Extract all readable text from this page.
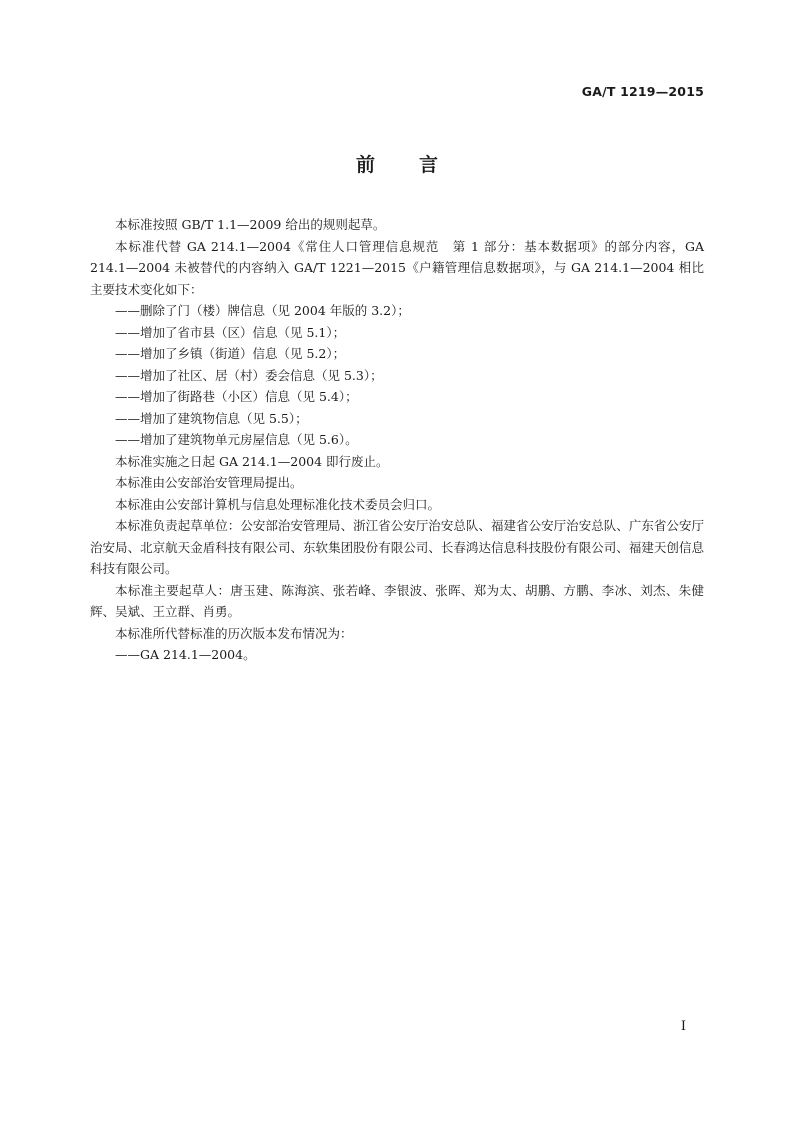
GA/T 1219—2015
前言

本标准按照 GB/T 1.1—2009 给出的规则起草。

本标准代替 GA 214.1—2004《常住人口管理信息规范　第 1 部分：基本数据项》的部分内容，GA 214.1—2004 未被替代的内容纳入 GA/T 1221—2015《户籍管理信息数据项》，与 GA 214.1—2004 相比主要技术变化如下：

——删除了门（楼）牌信息（见 2004 年版的 3.2）；

——增加了省市县（区）信息（见 5.1）；

——增加了乡镇（街道）信息（见 5.2）；

——增加了社区、居（村）委会信息（见 5.3）；

——增加了街路巷（小区）信息（见 5.4）；

——增加了建筑物信息（见 5.5）；

——增加了建筑物单元房屋信息（见 5.6）。

本标准实施之日起 GA 214.1—2004 即行废止。

本标准由公安部治安管理局提出。

本标准由公安部计算机与信息处理标准化技术委员会归口。

本标准负责起草单位：公安部治安管理局、浙江省公安厅治安总队、福建省公安厅治安总队、广东省公安厅治安局、北京航天金盾科技有限公司、东软集团股份有限公司、长春鸿达信息科技股份有限公司、福建天创信息科技有限公司。

本标准主要起草人：唐玉建、陈海滨、张若峰、李银波、张晖、郑为太、胡鹏、方鹏、李冰、刘杰、朱健辉、吴斌、王立群、肖勇。

本标准所代替标准的历次版本发布情况为：

——GA 214.1—2004。

I
